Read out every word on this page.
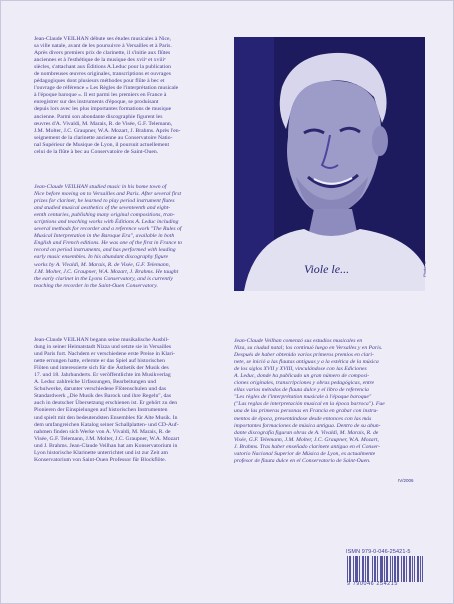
Jean-Claude VEILHAN débute ses études musicales à Nice,
sa ville natale, avant de les poursuivre à Versailles et à Paris.
Après divers premiers prix de clarinette, il s'initie aux flûtes
anciennes et à l'esthétique de la musique des xviiᵉ et xviiiᵉ
siècles, s'attachant aux Éditions A.Leduc pour la publication
de nombreuses œuvres originales, transcriptions et ouvrages
pédagogiques dont plusieurs méthodes pour flûte à bec et
l'ouvrage de référence « Les Règles de l'interprétation musicale
à l'époque baroque ». Il est parmi les premiers en France à
enregistrer sur des instruments d'époque, se produisant
depuis lors avec les plus importantes formations de musique
ancienne. Parmi son abondante discographie figurent les
œuvres d'A. Vivaldi, M. Marais, R. de Visée, G.F. Telemann,
J.M. Molter, J.C. Graupner, W.A. Mozart, J. Brahms. Après l'en-
seignement de la clarinette ancienne au Conservatoire Natio-
nal Supérieur de Musique de Lyon, il poursuit actuellement
celui de la flûte à bec au Conservatoire de Saint-Ouen.
Jean-Claude VEILHAN studied music in his home town of
Nice before moving on to Versailles and Paris. After several first
prizes for clarinet, he learned to play period instrument flutes
and studied musical aesthetics of the seventeenth and eight-
eenth centuries, publishing many original compositions, tran-
scriptions and teaching works with Éditions A. Leduc including
several methods for recorder and a reference work "The Rules of
Musical Interpretation in the Baroque Era", available in both
English and French editions. He was one of the first in France to
record on period instruments, and has performed with leading
early music ensembles. In his abundant discography figure
works by A. Vivaldi, M. Marais, R. de Visée, G.F. Telemann,
J.M. Molter, J.C. Graupner, W.A. Mozart, J. Brahms. He taught
the early clarinet in the Lyons Conservatory, and is currently
teaching the recorder in the Saint-Ouen Conservatory.
Jean-Claude VEILHAN begann seine musikalische Ausbil-
dung in seiner Heimatstadt Nizza und setzte sie in Versailles
und Paris fort. Nachdem er verschiedene erste Preise in Klari-
nette errungen hatte, erlernte er das Spiel auf historischen
Flöten und interessierte sich für die Ästhetik der Musik des
17. und 18. Jahrhunderts. Er veröffentlichte im Musikverlag
A. Leduc zahlreiche Urfassungen, Bearbeitungen und
Schulwerke, darunter verschiedene Flötenschulen und das
Standardwerk „Die Musik des Barock und ihre Regeln", das
auch in deutscher Übersetzung erschienen ist. Er gehört zu den
Pionieren der Einspielungen auf historischen Instrumenten
und spielt mit den bedeutendsten Ensembles für Alte Musik. In
dem umfangreichen Katalog seiner Schallplatten- und CD-Auf-
nahmen finden sich Werke von A. Vivaldi, M. Marais, R. de
Visée, G.F. Telemann, J.M. Molter, J.C. Graupner, W.A. Mozart
und J. Brahms. Jean-Claude Veilhan hat am Konservatorium in
Lyon historische Klarinette unterrichtet und ist zur Zeit am
Konservatorium von Saint-Ouen Professor für Blockflöte.
Jean-Claude Veilhan comenzó sus estudios musicales en
Niza, su ciudad natal; los continuó luego en Versalles y en Paris.
Después de haber obtenido varios primeros premios en clari-
nete, se inició a las flautas antiguas y a la estética de la música
de los siglos XVII y XVIII, vinculándose con las Ediciones
A. Leduc, donde ha publicado un gran número de composi-
ciones originales, transcripciones y obras pedagógicas, entre
ellas varios métodos de flauta dulce y el libro de referencia
"Les règles de l'interprétation musicale à l'époque baroque"
("Las reglas de interpretación musical en la época barroca"). Fue
una de las primeras personas en Francia en grabar con instru-
mentos de época, presentándose desde entonces con las más
importantes formaciones de música antigua. Dentro de su abun-
dante discografía figuran obras de A. Vivaldi, M. Marais, R. de
Visée, G.F. Telemann, J.M. Molter, J.C. Graupner, W.A. Mozart,
J. Brahms. Tras haber enseñado clarinete antiguo en el Conser-
vatorio Nacional Superior de Música de Lyon, es actualmente
profesor de flauta dulce en el Conservatorio de Saint-Ouen.
Viole le...	Photo: S.
IV/2006
ISMN 979-0-046-25421-5
9 790046 254215
